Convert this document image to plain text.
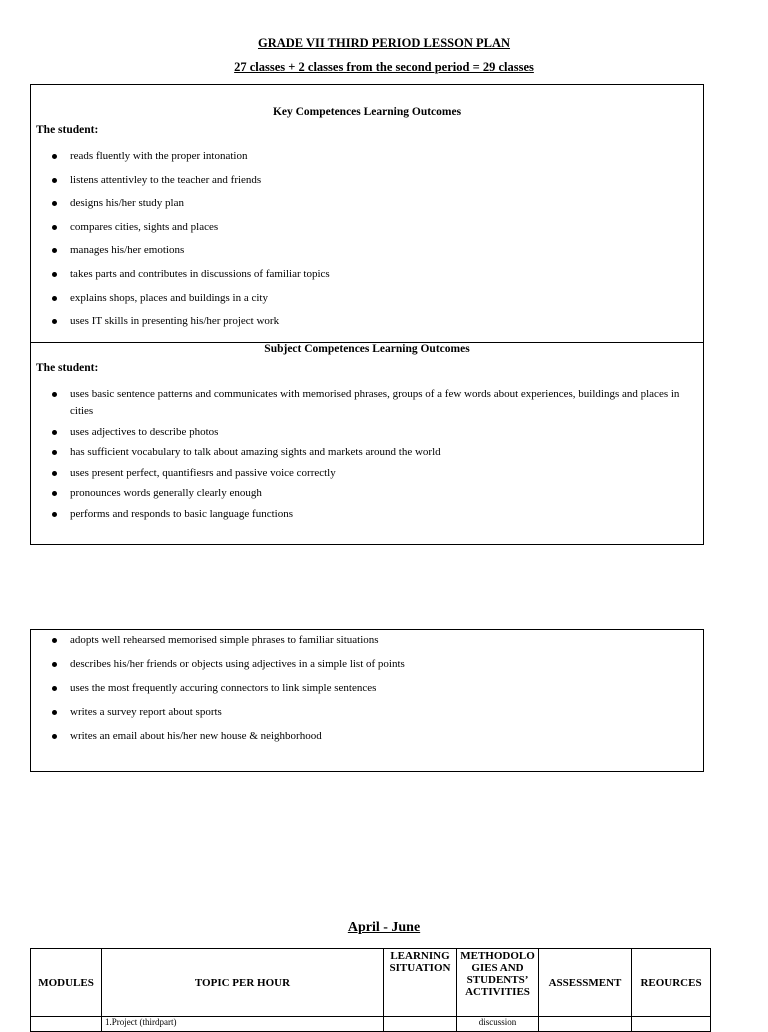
GRADE VII THIRD PERIOD LESSON PLAN
27 classes + 2 classes from the second period = 29 classes
Key Competences Learning Outcomes
The student:
reads fluently with the proper intonation
listens attentivley to the teacher and friends
designs his/her study plan
compares cities, sights and places
manages his/her emotions
takes parts and contributes in discussions of familiar topics
explains shops, places and buildings in a city
uses IT skills in presenting his/her project work
Subject Competences Learning Outcomes
The student:
uses basic sentence patterns and communicates with memorised phrases, groups of a few words about experiences, buildings and places in cities
uses adjectives to describe photos
has sufficient vocabulary to talk about amazing sights and markets around the world
uses present perfect, quantifiesrs and passive voice correctly
pronounces words generally clearly enough
performs and responds to basic language functions
adopts well rehearsed memorised simple phrases to familiar situations
describes his/her friends or objects using adjectives in a simple list of points
uses the most frequently accuring connectors to link simple sentences
writes a survey report about sports
writes an email about his/her new house & neighborhood
April - June
MODULES	TOPIC PER HOUR	LEARNING SITUATION	METHODOLO GIES AND STUDENTS’ ACTIVITIES	ASSESSMENT	REOURCES

	1.Project (thirdpart)		discussion		
